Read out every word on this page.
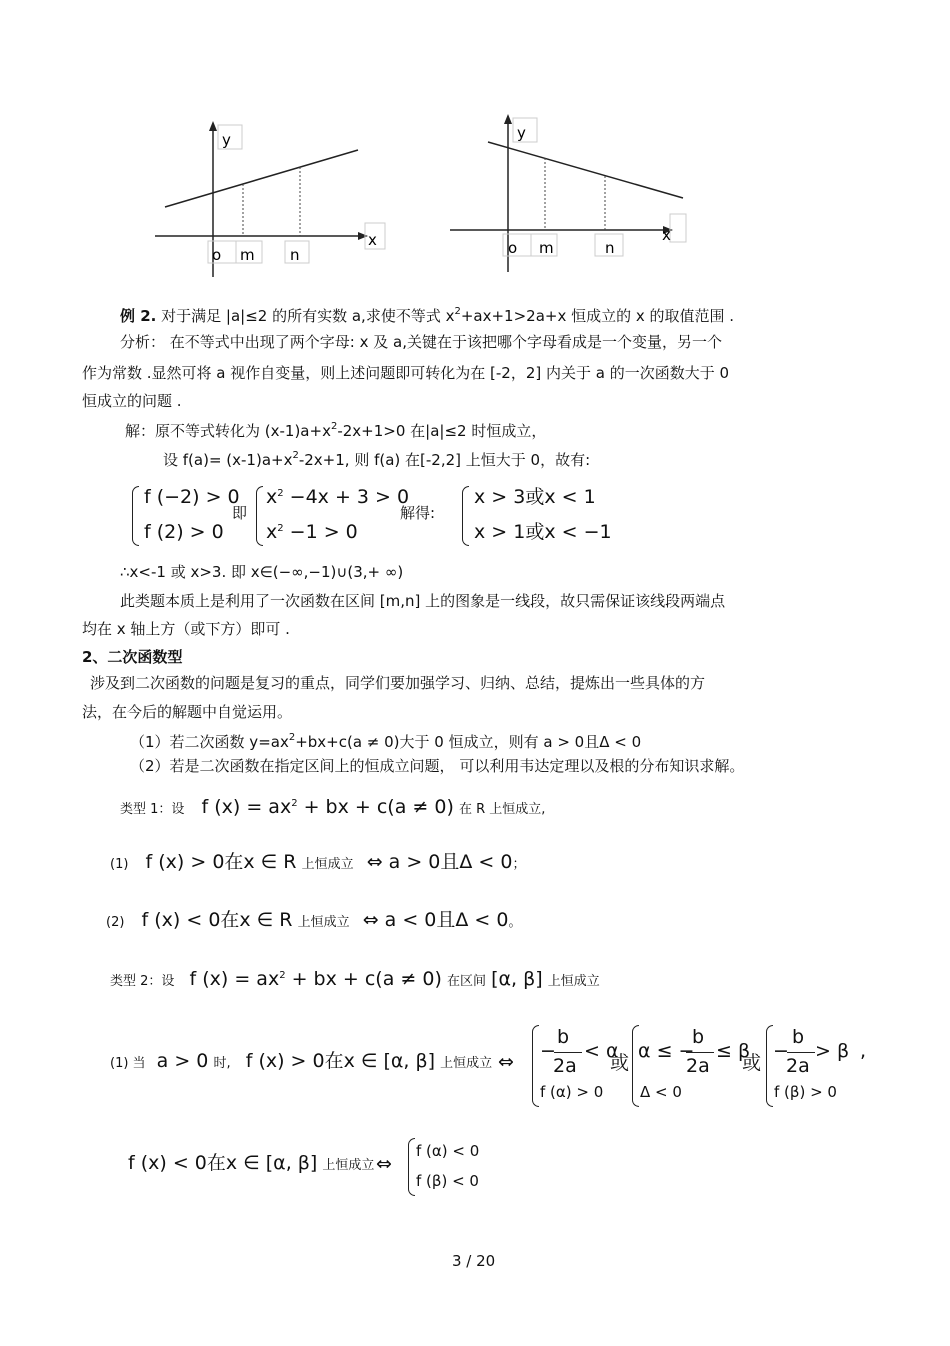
y
x
o m n
y
x
o m	n
例 2. 对于满足 |a|≤2 的所有实数 a,求使不等式 $x^2+ax+1>2a+x$ 恒成立的 x 的取值范围 .
分析： 在不等式中出现了两个字母: x 及 a,关键在于该把哪个字母看成是一个变量，另一个
作为常数 .显然可将 a 视作自变量，则上述问题即可转化为在 [-2，2] 内关于 a 的一次函数大于 0
恒成立的问题 .
解：原不等式转化为 $(x-1)a+x^2-2x+1>0$ 在|a|≤2 时恒成立，
设 $f(a)= (x-1)a+x^2-2x+1$, 则 f(a) 在[-2,2] 上恒大于 0，故有:
f (−2) > 0
f (2) > 0
即
$x^2 -4x + 3 > 0$
$x^2 -1 > 0$
解得:
x > 3或x < 1
x > 1或x < −1
∴x<-1 或 x>3. 即 x∈(−∞,−1)∪(3,+ ∞)
此类题本质上是利用了一次函数在区间 [m,n] 上的图象是一线段，故只需保证该线段两端点
均在 x 轴上方（或下方）即可 .
2、二次函数型
涉及到二次函数的问题是复习的重点，同学们要加强学习、归纳、总结，提炼出一些具体的方
法，在今后的解题中自觉运用。
（1）若二次函数 $y=ax^2+bx+c(a \ne 0)$大于 0 恒成立，则有 a > 0且Δ < 0
（2）若是二次函数在指定区间上的恒成立问题， 可以利用韦达定理以及根的分布知识求解。
类型 1：设 f $(x) = ax^2$ + bx + c(a ≠ 0) 在 R 上恒成立,
(1) f (x) > 0在x ∈ R 上恒成立 ⇔ a > 0且Δ < 0；
(2) f (x) < 0在x ∈ R 上恒成立 ⇔ a < 0且Δ < 0。
类型 2：设 f $(x) = ax^2$ + bx + c(a ≠ 0) 在区间 [α, β] 上恒成立
(1) 当 a > 0 时, f (x) > 0在x ∈ [α, β] 上恒成立 ⇔ −
b
2a
< α
f (α) > 0
或
α ≤ −
b
2a
≤ β
Δ < 0
或
−
b
2a
> β ,
f (β) > 0
f (x) < 0在x ∈ [α, β] 上恒成立 ⇔
f (α) < 0
f (β) < 0
3 / 20
